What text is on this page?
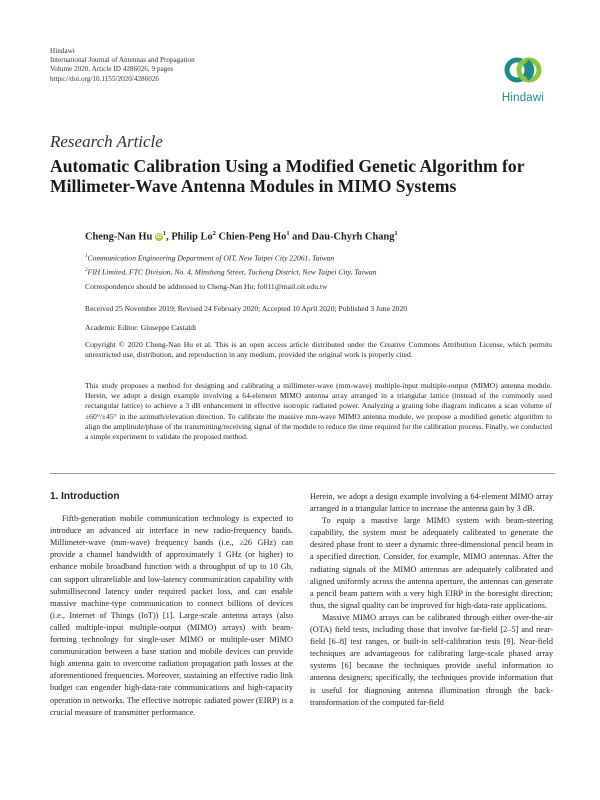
Hindawi
International Journal of Antennas and Propagation
Volume 2020, Article ID 4286026, 9 pages
https://doi.org/10.1155/2020/4286026
Hindawi
Research Article
Automatic Calibration Using a Modified Genetic Algorithm for Millimeter-Wave Antenna Modules in MIMO Systems
Cheng-Nan Hu $iD^1$, Philip Lo$^2$ Chien-Peng Ho$^1$ and Dau-Chyrh Chang$^1$
$^1$Communication Engineering Department of OIT, New Taipei City 22061, Taiwan
$^2$FIH Limited, FTC Division, No. 4, Minsheng Street, Tucheng District, New Taipei City, Taiwan
Correspondence should be addressed to Cheng-Nan Hu; fo011@mail.oit.edu.tw
Received 25 November 2019; Revised 24 February 2020; Accepted 10 April 2020; Published 3 June 2020
Academic Editor: Giuseppe Castaldi
Copyright © 2020 Cheng-Nan Hu et al. This is an open access article distributed under the Creative Commons Attribution License, which permits unrestricted use, distribution, and reproduction in any medium, provided the original work is properly cited.
This study proposes a method for designing and calibrating a millimeter-wave (mm-wave) multiple-input multiple-output (MIMO) antenna module. Herein, we adopt a design example involving a 64-element MIMO antenna array arranged in a triangular lattice (instead of the commonly used rectangular lattice) to achieve a 3 dB enhancement in effective isotropic radiated power. Analyzing a grating lobe diagram indicates a scan volume of ±60°/±45° in the azimuth/elevation direction. To calibrate the massive mm-wave MIMO antenna module, we propose a modified genetic algorithm to align the amplitude/phase of the transmitting/receiving signal of the module to reduce the time required for the calibration process. Finally, we conducted a simple experiment to validate the proposed method.
1. Introduction

Fifth-generation mobile communication technology is expected to introduce an advanced air interface in new radio-frequency bands. Millimeter-wave (mm-wave) frequency bands (i.e., ≥26 GHz) can provide a channel bandwidth of approximately 1 GHz (or higher) to enhance mobile broadband function with a throughput of up to 10 Gb, can support ultrareliable and low-latency communication capability with submillisecond latency under required packet loss, and can enable massive machine-type communication to connect billions of devices (i.e., Internet of Things (IoT)) [1]. Large-scale antenna arrays (also called multiple-input multiple-output (MIMO) arrays) with beam-forming technology for single-user MIMO or multiple-user MIMO communication between a base station and mobile devices can provide high antenna gain to overcome radiation propagation path losses at the aforementioned frequencies. Moreover, sustaining an effective radio link budget can engender high-data-rate communications and high-capacity operation in networks. The effective isotropic radiated power (EIRP) is a crucial measure of transmitter performance.

Herein, we adopt a design example involving a 64-element MIMO array arranged in a triangular lattice to increase the antenna gain by 3 dB.

To equip a massive large MIMO system with beam-steering capability, the system must be adequately calibrated to generate the desired phase front to steer a dynamic three-dimensional pencil beam in a specified direction. Consider, for example, MIMO antennas. After the radiating signals of the MIMO antennas are adequately calibrated and aligned uniformly across the antenna aperture, the antennas can generate a pencil beam pattern with a very high EIRP in the boresight direction; thus, the signal quality can be improved for high-data-rate applications.

Massive MIMO arrays can be calibrated through either over-the-air (OTA) field tests, including those that involve far-field [2–5] and near-field [6–8] test ranges, or built-in self-calibration tests [9]. Near-field techniques are advantageous for calibrating large-scale phased array systems [6] because the techniques provide useful information to antenna designers; specifically, the techniques provide information that is useful for diagnosing antenna illumination through the back-transformation of the computed far-field
